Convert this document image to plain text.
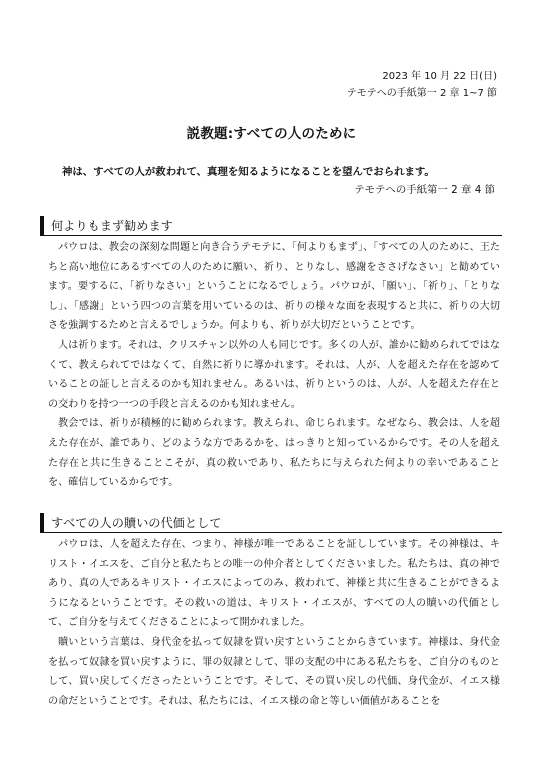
2023 年 10 月 22 日(日)
テモテへの手紙第一 2 章 1~7 節
説教題:すべての人のために
神は、すべての人が救われて、真理を知るようになることを望んでおられます。
テモテへの手紙第一 2 章 4 節
何よりもまず勧めます

パウロは、教会の深刻な問題と向き合うテモテに、「何よりもまず」、「すべての人のために、王たちと高い地位にあるすべての人のために願い、祈り、とりなし、感謝をささげなさい」と勧めています。要するに、「祈りなさい」ということになるでしょう。パウロが、「願い」、「祈り」、「とりなし」、「感謝」という四つの言葉を用いているのは、祈りの様々な面を表現すると共に、祈りの大切さを強調するためと言えるでしょうか。何よりも、祈りが大切だということです。

人は祈ります。それは、クリスチャン以外の人も同じです。多くの人が、誰かに勧められてではなくて、教えられてではなくて、自然に祈りに導かれます。それは、人が、人を超えた存在を認めていることの証しと言えるのかも知れません。あるいは、祈りというのは、人が、人を超えた存在との交わりを持つ一つの手段と言えるのかも知れません。

教会では、祈りが積極的に勧められます。教えられ、命じられます。なぜなら、教会は、人を超えた存在が、誰であり、どのような方であるかを、はっきりと知っているからです。その人を超えた存在と共に生きることこそが、真の救いであり、私たちに与えられた何よりの幸いであることを、確信しているからです。

すべての人の贖いの代価として

パウロは、人を超えた存在、つまり、神様が唯一であることを証ししています。その神様は、キリスト・イエスを、ご自分と私たちとの唯一の仲介者としてくださいました。私たちは、真の神であり、真の人であるキリスト・イエスによってのみ、救われて、神様と共に生きることができるようになるということです。その救いの道は、キリスト・イエスが、すべての人の贖いの代価として、ご自分を与えてくださることによって開かれました。

贖いという言葉は、身代金を払って奴隷を買い戻すということからきています。神様は、身代金を払って奴隷を買い戻すように、罪の奴隷として、罪の支配の中にある私たちを、ご自分のものとして、買い戻してくださったということです。そして、その買い戻しの代価、身代金が、イエス様の命だということです。それは、私たちには、イエス様の命と等しい価値があることを
